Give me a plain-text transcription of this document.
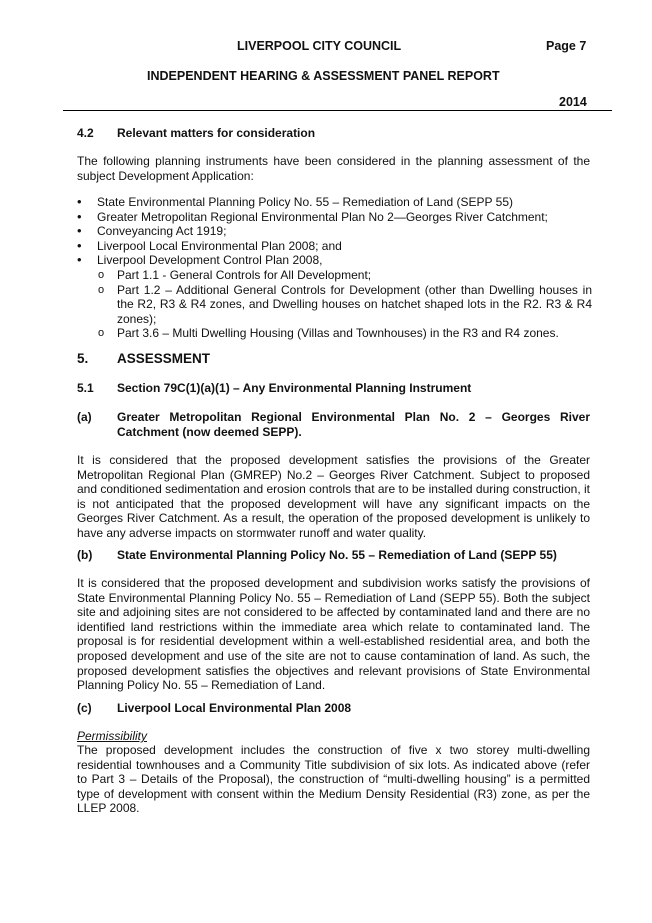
LIVERPOOL CITY COUNCIL	Page 7
INDEPENDENT HEARING & ASSESSMENT PANEL REPORT
2014
4.2 Relevant matters for consideration
The following planning instruments have been considered in the planning assessment of the subject Development Application:
• State Environmental Planning Policy No. 55 – Remediation of Land (SEPP 55)
• Greater Metropolitan Regional Environmental Plan No 2—Georges River Catchment;
• Conveyancing Act 1919;
• Liverpool Local Environmental Plan 2008; and
• Liverpool Development Control Plan 2008,
o Part 1.1 - General Controls for All Development;
o Part 1.2 – Additional General Controls for Development (other than Dwelling houses in the R2, R3 & R4 zones, and Dwelling houses on hatchet shaped lots in the R2. R3 & R4 zones);
o Part 3.6 – Multi Dwelling Housing (Villas and Townhouses) in the R3 and R4 zones.
5. ASSESSMENT
5.1 Section 79C(1)(a)(1) – Any Environmental Planning Instrument
(a) Greater Metropolitan Regional Environmental Plan No. 2 – Georges River Catchment (now deemed SEPP).
It is considered that the proposed development satisfies the provisions of the Greater Metropolitan Regional Plan (GMREP) No.2 – Georges River Catchment. Subject to proposed and conditioned sedimentation and erosion controls that are to be installed during construction, it is not anticipated that the proposed development will have any significant impacts on the Georges River Catchment. As a result, the operation of the proposed development is unlikely to have any adverse impacts on stormwater runoff and water quality.
(b) State Environmental Planning Policy No. 55 – Remediation of Land (SEPP 55)
It is considered that the proposed development and subdivision works satisfy the provisions of State Environmental Planning Policy No. 55 – Remediation of Land (SEPP 55). Both the subject site and adjoining sites are not considered to be affected by contaminated land and there are no identified land restrictions within the immediate area which relate to contaminated land. The proposal is for residential development within a well-established residential area, and both the proposed development and use of the site are not to cause contamination of land. As such, the proposed development satisfies the objectives and relevant provisions of State Environmental Planning Policy No. 55 – Remediation of Land.
(c) Liverpool Local Environmental Plan 2008
Permissibility
The proposed development includes the construction of five x two storey multi-dwelling residential townhouses and a Community Title subdivision of six lots. As indicated above (refer to Part 3 – Details of the Proposal), the construction of “multi-dwelling housing” is a permitted type of development with consent within the Medium Density Residential (R3) zone, as per the LLEP 2008.
